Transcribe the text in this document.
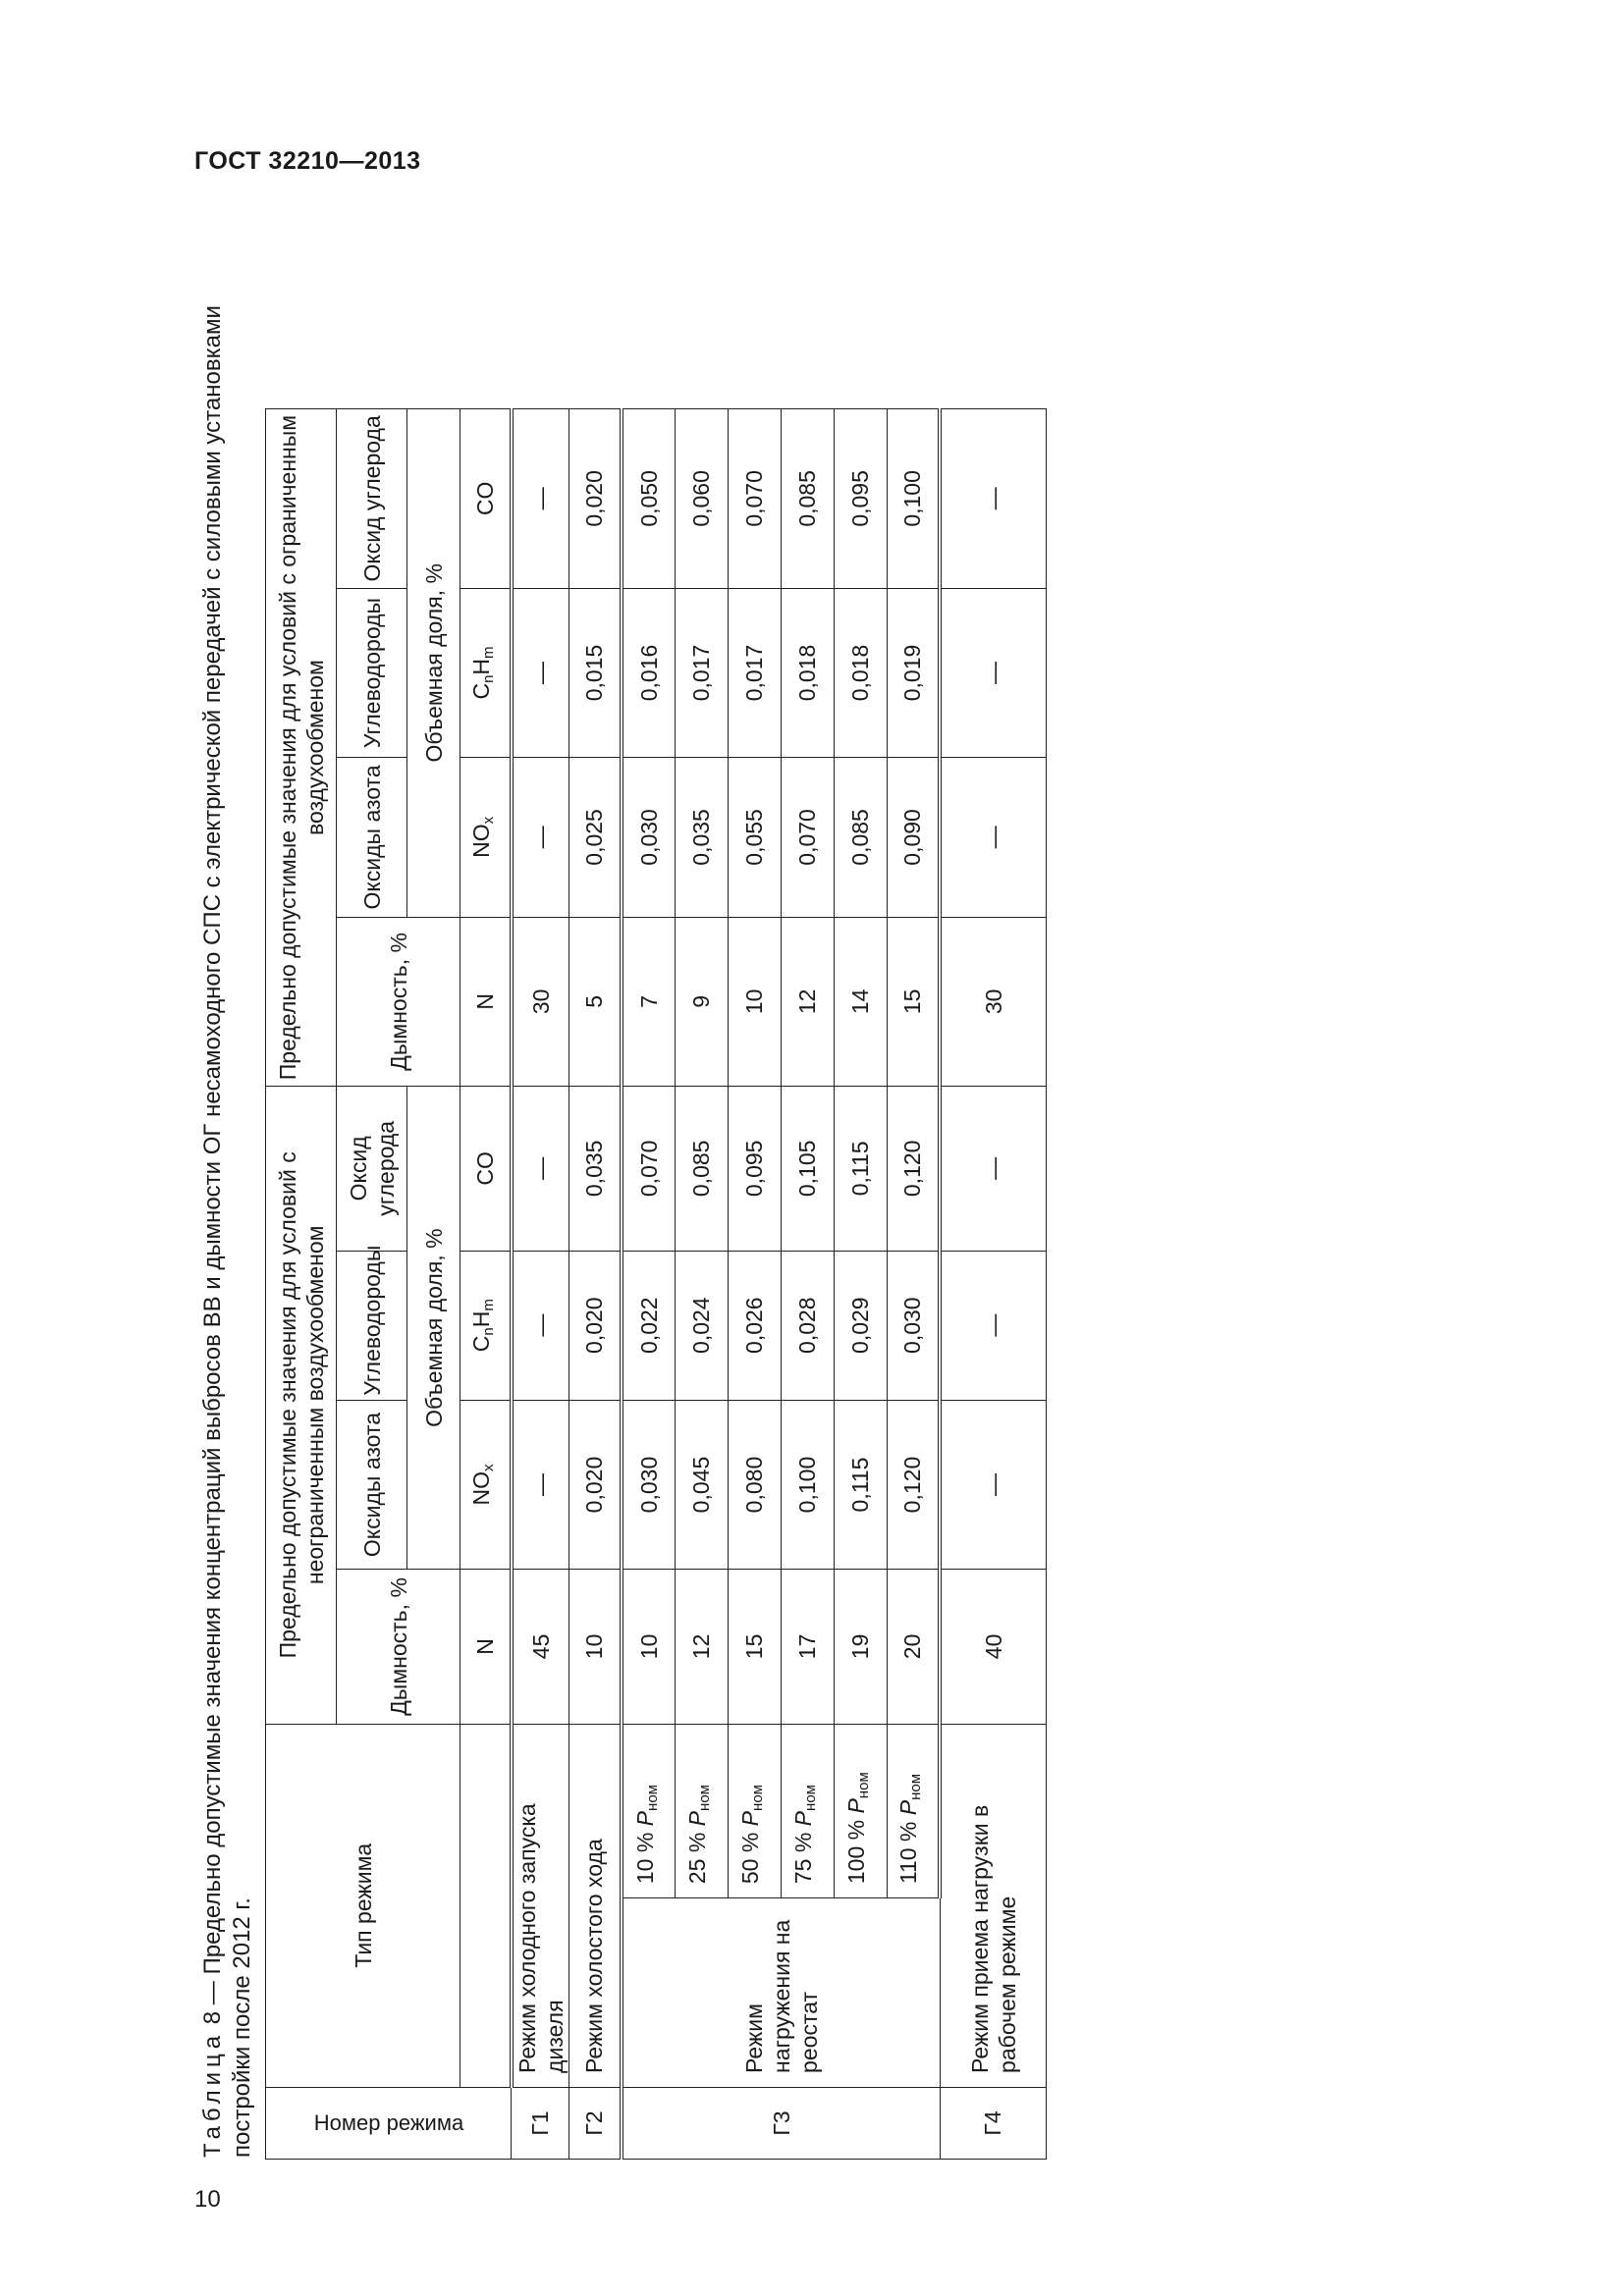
ГОСТ 32210—2013
10
Таблица 8 — Предельно допустимые значения концентраций выбросов ВВ и дымности ОГ несамоходного СПС с электрической передачей с силовыми установками постройки после 2012 г.	Номер режима	Тип режима		Предельно допустимые значения для условий с неограниченным воздухообменом				Предельно допустимые значения для условий с ограниченным воздухообменом		
			Дымность, %	Оксиды азота	Углеводороды	Оксид углерода	Дымность, %	Оксиды азота	Углеводороды	Оксид углерода
				Объемная доля, %				Объемная доля, %		
			N	$NO_x$	$C_nH_m$	CO	N	$NO_x$	$C_nH_m$	CO
Г1	Режим холодного запуска дизеля		45	—	—	—	30	—	—	—
Г2	Режим холостого хода		10	0,020	0,020	0,035	5	0,025	0,015	0,020
Г3	Режим нагружения на реостат	10 % $P_{ном}$	10	0,030	0,022	0,070	7	0,030	0,016	0,050
		25 % $P_{ном}$	12	0,045	0,024	0,085	9	0,035	0,017	0,060
		50 % $P_{ном}$	15	0,080	0,026	0,095	10	0,055	0,017	0,070
		75 % $P_{ном}$	17	0,100	0,028	0,105	12	0,070	0,018	0,085
		100 % $P_{ном}$	19	0,115	0,029	0,115	14	0,085	0,018	0,095
		110 % $P_{ном}$	20	0,120	0,030	0,120	15	0,090	0,019	0,100
Г4	Режим приема нагрузки в рабочем режиме		40	—	—	—	30	—	—	—
